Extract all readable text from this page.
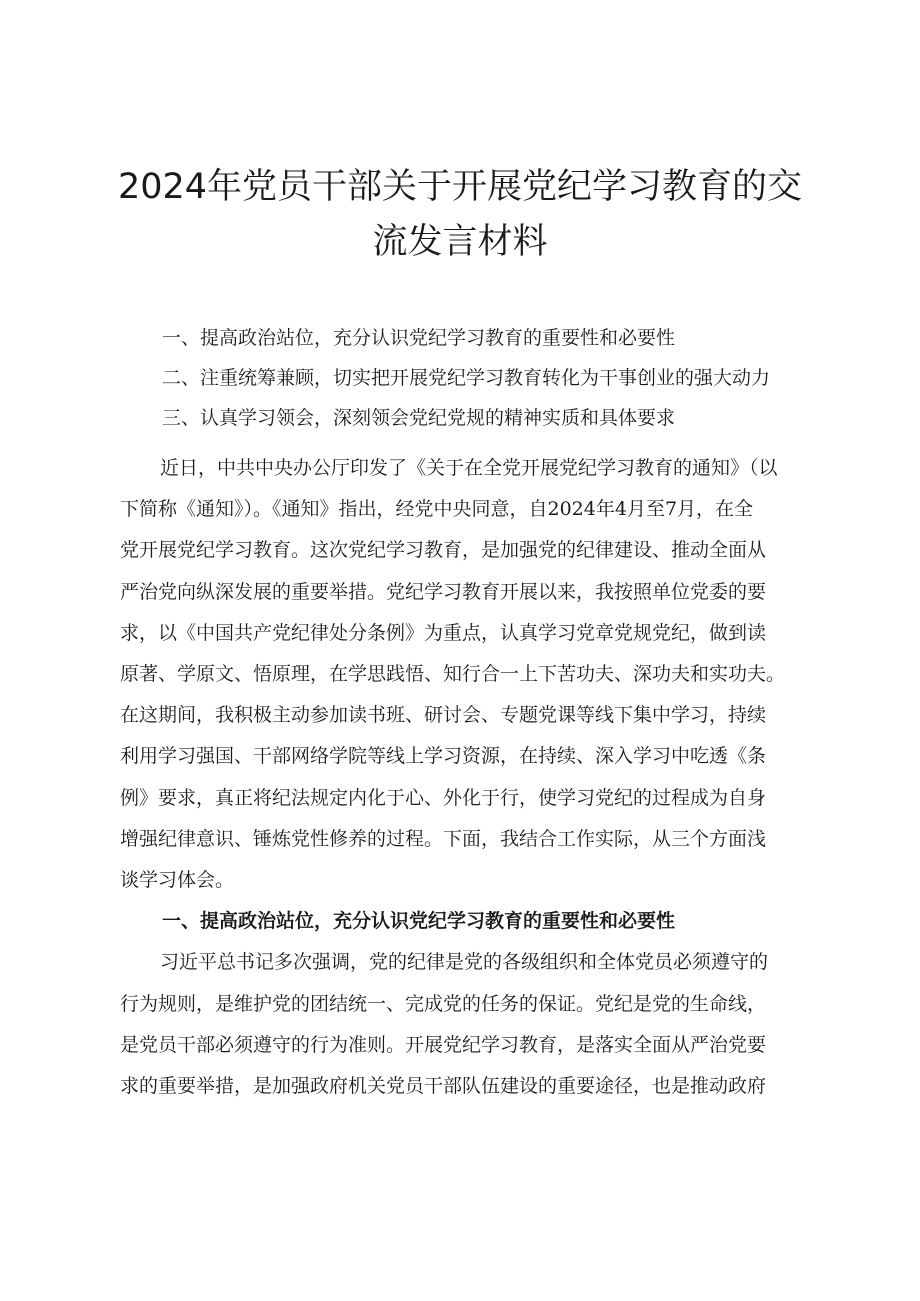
2024年党员干部关于开展党纪学习教育的交
流发言材料
一、提高政治站位，充分认识党纪学习教育的重要性和必要性
二、注重统筹兼顾，切实把开展党纪学习教育转化为干事创业的强大动力
三、认真学习领会，深刻领会党纪党规的精神实质和具体要求
近日，中共中央办公厅印发了《关于在全党开展党纪学习教育的通知》（以
下简称《通知》）。《通知》指出，经党中央同意，自2024年4月至7月，在全
党开展党纪学习教育。这次党纪学习教育，是加强党的纪律建设、推动全面从
严治党向纵深发展的重要举措。党纪学习教育开展以来，我按照单位党委的要
求，以《中国共产党纪律处分条例》为重点，认真学习党章党规党纪，做到读
原著、学原文、悟原理，在学思践悟、知行合一上下苦功夫、深功夫和实功夫。
在这期间，我积极主动参加读书班、研讨会、专题党课等线下集中学习，持续
利用学习强国、干部网络学院等线上学习资源，在持续、深入学习中吃透《条
例》要求，真正将纪法规定内化于心、外化于行，使学习党纪的过程成为自身
增强纪律意识、锤炼党性修养的过程。下面，我结合工作实际，从三个方面浅
谈学习体会。
一、提高政治站位，充分认识党纪学习教育的重要性和必要性
习近平总书记多次强调，党的纪律是党的各级组织和全体党员必须遵守的
行为规则，是维护党的团结统一、完成党的任务的保证。党纪是党的生命线，
是党员干部必须遵守的行为准则。开展党纪学习教育，是落实全面从严治党要
求的重要举措，是加强政府机关党员干部队伍建设的重要途径，也是推动政府
